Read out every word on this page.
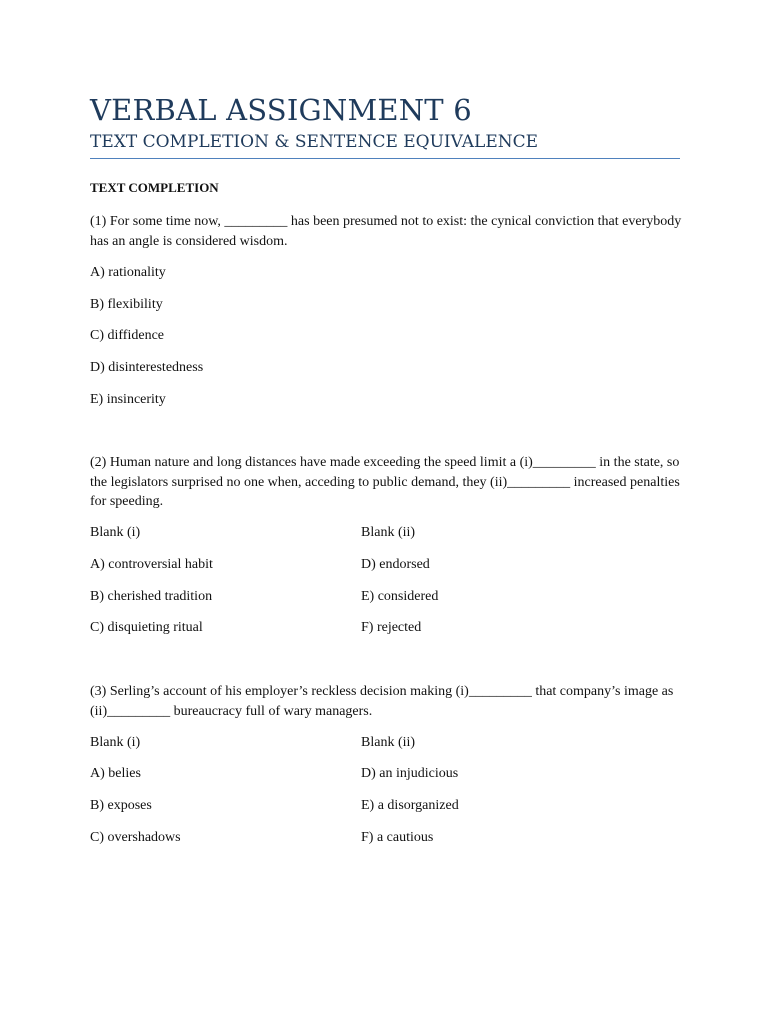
VERBAL ASSIGNMENT 6
TEXT COMPLETION & SENTENCE EQUIVALENCE
TEXT COMPLETION

(1) For some time now, _________ has been presumed not to exist: the cynical conviction that everybody has an angle is considered wisdom.

A) rationality

B) flexibility

C) diffidence

D) disinterestedness

E) insincerity

(2) Human nature and long distances have made exceeding the speed limit a (i)_________ in the state, so the legislators surprised no one when, acceding to public demand, they (ii)_________ increased penalties for speeding.

Blank (i)	Blank (ii)

A) controversial habit	D) endorsed

B) cherished tradition	E) considered

C) disquieting ritual	F) rejected

(3) Serling’s account of his employer’s reckless decision making (i)_________ that company’s image as (ii)_________ bureaucracy full of wary managers.

Blank (i)	Blank (ii)

A) belies	D) an injudicious

B) exposes	E) a disorganized

C) overshadows	F) a cautious
